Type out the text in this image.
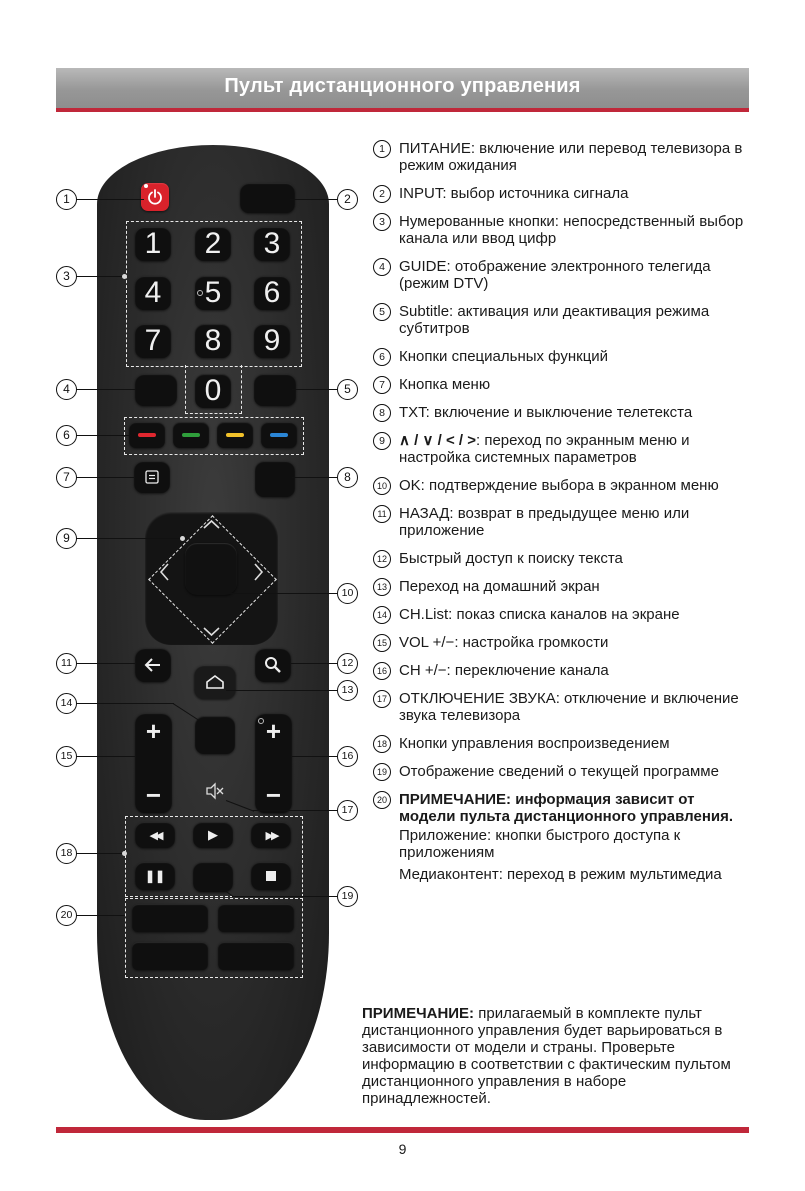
Пульт дистанционного управления
1	2	3
4	5	6
7	8	9
0
+
−
+
−
◀◀	▶	▶▶
❚❚
1	2
3
4	5
6
7	8
9
10
11	12
13
14
15	16
17
18
19
20
1 ПИТАНИЕ: включение или перевод телевизора в режим ожидания
2 INPUT: выбор источника сигнала
3 Нумерованные кнопки: непосредственный выбор канала или ввод цифр
4 GUIDE: отображение электронного телегида (режим DTV)
5 Subtitle: активация или деактивация режима субтитров
6 Кнопки специальных функций
7 Кнопка меню
8 TXT: включение и выключение телетекста
9 ∧ / ∨ / < / >: переход по экранным меню и настройка системных параметров
10 OK: подтверждение выбора в экранном меню
11 НАЗАД: возврат в предыдущее меню или приложение
12 Быстрый доступ к поиску текста
13 Переход на домашний экран
14 CH.List: показ списка каналов на экране
15 VOL +/−: настройка громкости
16 CH +/−: переключение канала
17 ОТКЛЮЧЕНИЕ ЗВУКА: отключение и включение звука телевизора
18 Кнопки управления воспроизведением
19 Отображение сведений о текущей программе
20 ПРИМЕЧАНИЕ: информация зависит от модели пульта дистанционного управления.
Приложение: кнопки быстрого доступа к приложениям
Медиаконтент: переход в режим мультимедиа
ПРИМЕЧАНИЕ: прилагаемый в комплекте пульт дистанционного управления будет варьироваться в зависимости от модели и страны. Проверьте информацию в соответствии с фактическим пультом дистанционного управления в наборе принадлежностей.
9
